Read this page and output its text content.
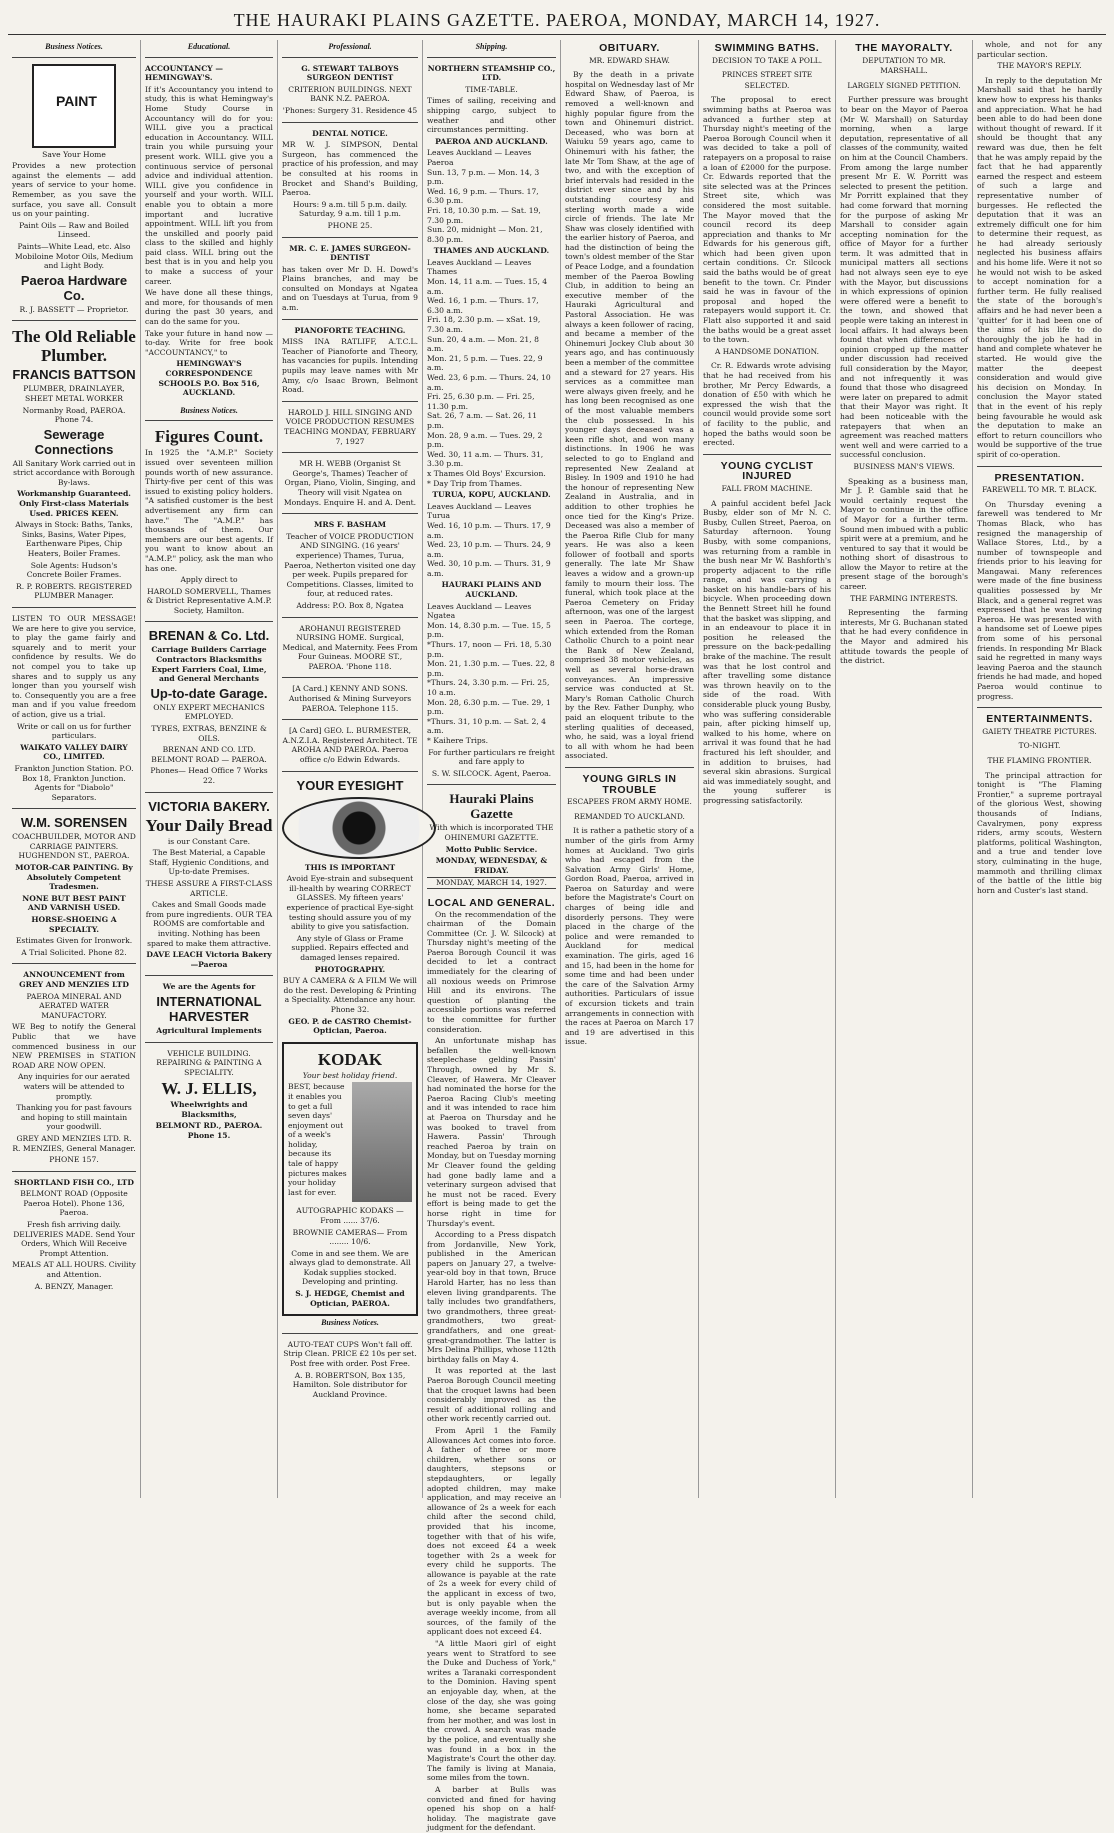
THE HAURAKI PLAINS GAZETTE. PAEROA, MONDAY, MARCH 14, 1927.
Business Notices.
PAINT

Save Your Home

Provides a new protection against the elements — add years of service to your home. Remember, as you save the surface, you save all. Consult us on your painting.

Paint Oils — Raw and Boiled Linseed.

Paints—White Lead, etc. Also Mobiloine Motor Oils, Medium and Light Body.

Paeroa Hardware Co.

R. J. BASSETT — Proprietor.

The Old Reliable Plumber.

FRANCIS BATTSON

PLUMBER, DRAINLAYER, SHEET METAL WORKER

Normanby Road, PAEROA. Phone 74.

Sewerage Connections

All Sanitary Work carried out in strict accordance with Borough By-laws.

Workmanship Guaranteed. Only First-class Materials Used. PRICES KEEN.

Always in Stock: Baths, Tanks, Sinks, Basins, Water Pipes, Earthenware Pipes, Chip Heaters, Boiler Frames.

Sole Agents: Hudson's Concrete Boiler Frames.

R. P. ROBERTS. REGISTERED PLUMBER Manager.

LISTEN TO OUR MESSAGE! We are here to give you service, to play the game fairly and squarely and to merit your confidence by results. We do not compel you to take up shares and to supply us any longer than you yourself wish to. Consequently you are a free man and if you value freedom of action, give us a trial.

Write or call on us for further particulars.

WAIKATO VALLEY DAIRY CO., LIMITED.

Frankton Junction Station. P.O. Box 18, Frankton Junction. Agents for "Diabolo" Separators.

W.M. SORENSEN

COACHBUILDER, MOTOR AND CARRIAGE PAINTERS. HUGHENDON ST., PAEROA.

MOTOR-CAR PAINTING. By Absolutely Competent Tradesmen.

NONE BUT BEST PAINT AND VARNISH USED.

HORSE-SHOEING A SPECIALTY.

Estimates Given for Ironwork.

A Trial Solicited. Phone 82.

ANNOUNCEMENT from GREY AND MENZIES LTD

PAEROA MINERAL AND AERATED WATER MANUFACTORY.

WE Beg to notify the General Public that we have commenced business in our NEW PREMISES in STATION ROAD ARE NOW OPEN.

Any inquiries for our aerated waters will be attended to promptly.

Thanking you for past favours and hoping to still maintain your goodwill.

GREY AND MENZIES LTD. R. R. MENZIES, General Manager.

PHONE 157.

SHORTLAND FISH CO., LTD

BELMONT ROAD (Opposite Paeroa Hotel). Phone 136, Paeroa.

Fresh fish arriving daily. DELIVERIES MADE. Send Your Orders, Which Will Receive Prompt Attention.

MEALS AT ALL HOURS. Civility and Attention.

A. BENZY, Manager.

Educational.

ACCOUNTANCY —HEMINGWAY'S.

If it's Accountancy you intend to study, this is what Hemingway's Home Study Course in Accountancy will do for you: WILL give you a practical education in Accountancy. WILL train you while pursuing your present work. WILL give you a continuous service of personal advice and individual attention. WILL give you confidence in yourself and your worth. WILL enable you to obtain a more important and lucrative appointment. WILL lift you from the unskilled and poorly paid class to the skilled and highly paid class. WILL bring out the best that is in you and help you to make a success of your career.

We have done all these things, and more, for thousands of men during the past 30 years, and can do the same for you.

Take your future in hand now —to-day. Write for free book "ACCOUNTANCY," to

HEMINGWAY'S CORRESPONDENCE SCHOOLS P.O. Box 516, AUCKLAND.

Business Notices.

Figures Count.

In 1925 the "A.M.P." Society issued over seventeen million pounds worth of new assurance. Thirty-five per cent of this was issued to existing policy holders. "A satisfied customer is the best advertisement any firm can have." The "A.M.P." has thousands of them. Our members are our best agents. If you want to know about an "A.M.P." policy, ask the man who has one.

Apply direct to

HAROLD SOMERVELL, Thames & District Representative A.M.P. Society, Hamilton.

BRENAN & Co. Ltd.

Carriage Builders Carriage Contractors Blacksmiths Expert Farriers Coal, Lime, and General Merchants

Up-to-date Garage.

ONLY EXPERT MECHANICS EMPLOYED.

TYRES, EXTRAS, BENZINE & OILS.

BRENAN AND CO. LTD. BELMONT ROAD — PAEROA.

Phones— Head Office 7 Works 22.

VICTORIA BAKERY.

Your Daily Bread

is our Constant Care.

The Best Material, a Capable Staff, Hygienic Conditions, and Up-to-date Premises.

THESE ASSURE A FIRST-CLASS ARTICLE.

Cakes and Small Goods made from pure ingredients. OUR TEA ROOMS are comfortable and inviting. Nothing has been spared to make them attractive.

DAVE LEACH Victoria Bakery—Paeroa

We are the Agents for

INTERNATIONAL HARVESTER

Agricultural Implements

VEHICLE BUILDING. REPAIRING & PAINTING A SPECIALITY.

W. J. ELLIS,

Wheelwrights and Blacksmiths,

BELMONT RD., PAEROA. Phone 15.

Professional.

G. STEWART TALBOYS SURGEON DENTIST

CRITERION BUILDINGS. NEXT BANK N.Z. PAEROA.

'Phones: Surgery 31. Residence 45

DENTAL NOTICE.

MR W. J. SIMPSON, Dental Surgeon, has commenced the practice of his profession, and may be consulted at his rooms in Brocket and Shand's Building, Paeroa.

Hours: 9 a.m. till 5 p.m. daily. Saturday, 9 a.m. till 1 p.m.

PHONE 25.

MR. C. E. JAMES SURGEON-DENTIST

has taken over Mr D. H. Dowd's Plains branches, and may be consulted on Mondays at Ngatea and on Tuesdays at Turua, from 9 a.m.

PIANOFORTE TEACHING.

MISS INA RATLIFF, A.T.C.L. Teacher of Pianoforte and Theory, has vacancies for pupils. Intending pupils may leave names with Mr Amy, c/o Isaac Brown, Belmont Road.

HAROLD J. HILL SINGING AND VOICE PRODUCTION RESUMES TEACHING MONDAY, FEBRUARY 7, 1927

MR H. WEBB (Organist St George's, Thames) Teacher of Organ, Piano, Violin, Singing, and Theory will visit Ngatea on Mondays. Enquire H. and A. Dent.

MRS F. BASHAM

Teacher of VOICE PRODUCTION AND SINGING. (16 years' experience) Thames, Turua, Paeroa, Netherton visited one day per week. Pupils prepared for Competitions. Classes, limited to four, at reduced rates.

Address: P.O. Box 8, Ngatea

AROHANUI REGISTERED NURSING HOME. Surgical, Medical, and Maternity. Fees From Four Guineas. MOORE ST., PAEROA. 'Phone 118.

[A Card.] KENNY AND SONS. Authorised & Mining Surveyors PAEROA. Telephone 115.

[A Card] GEO. L. BURMESTER, A.N.Z.I.A. Registered Architect. TE AROHA AND PAEROA. Paeroa office c/o Edwin Edwards.

YOUR EYESIGHT

THIS IS IMPORTANT

Avoid Eye-strain and subsequent ill-health by wearing CORRECT GLASSES. My fifteen years' experience of practical Eye-sight testing should assure you of my ability to give you satisfaction.

Any style of Glass or Frame supplied. Repairs effected and damaged lenses repaired.

PHOTOGRAPHY.

BUY A CAMERA & A FILM We will do the rest. Developing & Printing a Speciality. Attendance any hour. Phone 32.

GEO. P. de CASTRO Chemist-Optician, Paeroa.

KODAK

Your best holiday friend.

BEST, because it enables you to get a full seven days' enjoyment out of a week's holiday, because its tale of happy pictures makes your holiday last for ever.

AUTOGRAPHIC KODAKS — From ...... 37/6.

BROWNIE CAMERAS— From ........ 10/6.

Come in and see them. We are always glad to demonstrate. All Kodak supplies stocked. Developing and printing.

S. J. HEDGE, Chemist and Optician, PAEROA.

Business Notices.

AUTO-TEAT CUPS Won't fall off. Strip Clean. PRICE £2 10s per set. Post free with order. Post Free.

A. B. ROBERTSON, Box 135, Hamilton. Sole distributor for Auckland Province.

Shipping.

NORTHERN STEAMSHIP CO., LTD.

TIME-TABLE.

Times of sailing, receiving and shipping cargo, subject to weather and other circumstances permitting.

PAEROA AND AUCKLAND.

Leaves Auckland — Leaves Paeroa
Sun. 13, 7 p.m. — Mon. 14, 3 p.m.
Wed. 16, 9 p.m. — Thurs. 17, 6.30 p.m.
Fri. 18, 10.30 p.m. — Sat. 19, 7.30 p.m.
Sun. 20, midnight — Mon. 21, 8.30 p.m.

THAMES AND AUCKLAND.

Leaves Auckland — Leaves Thames
Mon. 14, 11 a.m. — Tues. 15, 4 a.m.
Wed. 16, 1 p.m. — Thurs. 17, 6.30 a.m.
Fri. 18, 2.30 p.m. — xSat. 19, 7.30 a.m.
Sun. 20, 4 a.m. — Mon. 21, 8 a.m.
Mon. 21, 5 p.m. — Tues. 22, 9 a.m.
Wed. 23, 6 p.m. — Thurs. 24, 10 a.m.
Fri. 25, 6.30 p.m. — Fri. 25, 11.30 p.m.
Sat. 26, 7 a.m. — Sat. 26, 11 p.m.
Mon. 28, 9 a.m. — Tues. 29, 2 p.m.
Wed. 30, 11 a.m. — Thurs. 31, 3.30 p.m.
x Thames Old Boys' Excursion.
* Day Trip from Thames.

TURUA, KOPU, AUCKLAND.

Leaves Auckland — Leaves Turua
Wed. 16, 10 p.m. — Thurs. 17, 9 a.m.
Wed. 23, 10 p.m. — Thurs. 24, 9 a.m.
Wed. 30, 10 p.m. — Thurs. 31, 9 a.m.

HAURAKI PLAINS AND AUCKLAND.

Leaves Auckland — Leaves Ngatea
Mon. 14, 8.30 p.m. — Tue. 15, 5 p.m.
*Thurs. 17, noon — Fri. 18, 5.30 p.m.
Mon. 21, 1.30 p.m. — Tues. 22, 8 p.m.
*Thurs. 24, 3.30 p.m. — Fri. 25, 10 a.m.
Mon. 28, 6.30 p.m. — Tue. 29, 1 p.m.
*Thurs. 31, 10 p.m. — Sat. 2, 4 a.m.
* Kaihere Trips.

For further particulars re freight and fare apply to

S. W. SILCOCK. Agent, Paeroa.

Hauraki Plains Gazette

With which is incorporated THE OHINEMURI GAZETTE.

Motto Public Service.

MONDAY, WEDNESDAY, & FRIDAY.

MONDAY, MARCH 14, 1927.

LOCAL AND GENERAL.

On the recommendation of the chairman of the Domain Committee (Cr. J. W. Silcock) at Thursday night's meeting of the Paeroa Borough Council it was decided to let a contract immediately for the clearing of all noxious weeds on Primrose Hill and its environs. The question of planting the accessible portions was referred to the committee for further consideration.

An unfortunate mishap has befallen the well-known steeplechase gelding Passin' Through, owned by Mr S. Cleaver, of Hawera. Mr Cleaver had nominated the horse for the Paeroa Racing Club's meeting and it was intended to race him at Paeroa on Thursday and he was booked to travel from Hawera. Passin' Through reached Paeroa by train on Monday, but on Tuesday morning Mr Cleaver found the gelding had gone badly lame and a veterinary surgeon advised that he must not be raced. Every effort is being made to get the horse right in time for Thursday's event.

According to a Press dispatch from Jordanville, New York, published in the American papers on January 27, a twelve-year-old boy in that town, Bruce Harold Harter, has no less than eleven living grandparents. The tally includes two grandfathers, two grandmothers, three great-grandmothers, two great-grandfathers, and one great-great-grandmother. The latter is Mrs Delina Phillips, whose 112th birthday falls on May 4.

It was reported at the last Paeroa Borough Council meeting that the croquet lawns had been considerably improved as the result of additional rolling and other work recently carried out.

From April 1 the Family Allowances Act comes into force. A father of three or more children, whether sons or daughters, stepsons or stepdaughters, or legally adopted children, may make application, and may receive an allowance of 2s a week for each child after the second child, provided that his income, together with that of his wife, does not exceed £4 a week together with 2s a week for every child he supports. The allowance is payable at the rate of 2s a week for every child of the applicant in excess of two, but is only payable when the average weekly income, from all sources, of the family of the applicant does not exceed £4.

"A little Maori girl of eight years went to Stratford to see the Duke and Duchess of York," writes a Taranaki correspondent to the Dominion. Having spent an enjoyable day, when, at the close of the day, she was going home, she became separated from her mother, and was lost in the crowd. A search was made by the police, and eventually she was found in a box in the Magistrate's Court the other day. The family is living at Manaia, some miles from the town.

A barber at Bulls was convicted and fined for having opened his shop on a half-holiday. The magistrate gave judgment for the defendant.

OBITUARY.
MR. EDWARD SHAW.

By the death in a private hospital on Wednesday last of Mr Edward Shaw, of Paeroa, is removed a well-known and highly popular figure from the town and Ohinemuri district. Deceased, who was born at Waiuku 59 years ago, came to Ohinemuri with his father, the late Mr Tom Shaw, at the age of two, and with the exception of brief intervals had resided in the district ever since and by his outstanding courtesy and sterling worth made a wide circle of friends. The late Mr Shaw was closely identified with the earlier history of Paeroa, and had the distinction of being the town's oldest member of the Star of Peace Lodge, and a foundation member of the Paeroa Bowling Club, in addition to being an executive member of the Hauraki Agricultural and Pastoral Association. He was always a keen follower of racing, and became a member of the Ohinemuri Jockey Club about 30 years ago, and has continuously been a member of the committee and a steward for 27 years. His services as a committee man were always given freely, and he has long been recognised as one of the most valuable members the club possessed. In his younger days deceased was a keen rifle shot, and won many distinctions. In 1906 he was selected to go to England and represented New Zealand at Bisley. In 1909 and 1910 he had the honour of representing New Zealand in Australia, and in addition to other trophies he once tied for the King's Prize. Deceased was also a member of the Paeroa Rifle Club for many years. He was also a keen follower of football and sports generally. The late Mr Shaw leaves a widow and a grown-up family to mourn their loss. The funeral, which took place at the Paeroa Cemetery on Friday afternoon, was one of the largest seen in Paeroa. The cortege, which extended from the Roman Catholic Church to a point near the Bank of New Zealand, comprised 38 motor vehicles, as well as several horse-drawn conveyances. An impressive service was conducted at St. Mary's Roman Catholic Church by the Rev. Father Dunphy, who paid an eloquent tribute to the sterling qualities of deceased, who, he said, was a loyal friend to all with whom he had been associated.

YOUNG GIRLS IN TROUBLE
ESCAPEES FROM ARMY HOME.
REMANDED TO AUCKLAND.

It is rather a pathetic story of a number of the girls from Army homes at Auckland. Two girls who had escaped from the Salvation Army Girls' Home, Gordon Road, Paeroa, arrived in Paeroa on Saturday and were before the Magistrate's Court on charges of being idle and disorderly persons. They were placed in the charge of the police and were remanded to Auckland for medical examination. The girls, aged 16 and 15, had been in the home for some time and had been under the care of the Salvation Army authorities. Particulars of issue of excursion tickets and train arrangements in connection with the races at Paeroa on March 17 and 19 are advertised in this issue.

SWIMMING BATHS.
DECISION TO TAKE A POLL.
PRINCES STREET SITE SELECTED.

The proposal to erect swimming baths at Paeroa was advanced a further step at Thursday night's meeting of the Paeroa Borough Council when it was decided to take a poll of ratepayers on a proposal to raise a loan of £2000 for the purpose. Cr. Edwards reported that the site selected was at the Princes Street site, which was considered the most suitable. The Mayor moved that the council record its deep appreciation and thanks to Mr Edwards for his generous gift, which had been given upon certain conditions. Cr. Silcock said the baths would be of great benefit to the town. Cr. Pinder said he was in favour of the proposal and hoped the ratepayers would support it. Cr. Flatt also supported it and said the baths would be a great asset to the town.

A HANDSOME DONATION.

Cr. R. Edwards wrote advising that he had received from his brother, Mr Percy Edwards, a donation of £50 with which he expressed the wish that the council would provide some sort of facility to the public, and hoped the baths would soon be erected.

YOUNG CYCLIST INJURED
FALL FROM MACHINE.

A painful accident befel Jack Busby, elder son of Mr N. C. Busby, Cullen Street, Paeroa, on Saturday afternoon. Young Busby, with some companions, was returning from a ramble in the bush near Mr W. Bashforth's property adjacent to the rifle range, and was carrying a basket on his handle-bars of his bicycle. When proceeding down the Bennett Street hill he found that the basket was slipping, and in an endeavour to place it in position he released the pressure on the back-pedalling brake of the machine. The result was that he lost control and after travelling some distance was thrown heavily on to the side of the road. With considerable pluck young Busby, who was suffering considerable pain, after picking himself up, walked to his home, where on arrival it was found that he had fractured his left shoulder, and in addition to bruises, had several skin abrasions. Surgical aid was immediately sought, and the young sufferer is progressing satisfactorily.

THE MAYORALTY.
DEPUTATION TO MR. MARSHALL.
LARGELY SIGNED PETITION.

Further pressure was brought to bear on the Mayor of Paeroa (Mr W. Marshall) on Saturday morning, when a large deputation, representative of all classes of the community, waited on him at the Council Chambers. From among the large number present Mr E. W. Porritt was selected to present the petition. Mr Porritt explained that they had come forward that morning for the purpose of asking Mr Marshall to consider again accepting nomination for the office of Mayor for a further term. It was admitted that in municipal matters all sections had not always seen eye to eye with the Mayor, but discussions in which expressions of opinion were offered were a benefit to the town, and showed that people were taking an interest in local affairs. It had always been found that when differences of opinion cropped up the matter under discussion had received full consideration by the Mayor, and not infrequently it was found that those who disagreed were later on prepared to admit that their Mayor was right. It had been noticeable with the ratepayers that when an agreement was reached matters went well and were carried to a successful conclusion.

BUSINESS MAN'S VIEWS.

Speaking as a business man, Mr J. P. Gamble said that he would certainly request the Mayor to continue in the office of Mayor for a further term. Sound men imbued with a public spirit were at a premium, and he ventured to say that it would be nothing short of disastrous to allow the Mayor to retire at the present stage of the borough's career.

THE FARMING INTERESTS.

Representing the farming interests, Mr G. Buchanan stated that he had every confidence in the Mayor and admired his attitude towards the people of the district.

whole, and not for any particular section.

THE MAYOR'S REPLY.

In reply to the deputation Mr Marshall said that he hardly knew how to express his thanks and appreciation. What he had been able to do had been done without thought of reward. If it should be thought that any reward was due, then he felt that he was amply repaid by the fact that he had apparently earned the respect and esteem of such a large and representative number of burgesses. He reflected the deputation that it was an extremely difficult one for him to determine their request, as he had already seriously neglected his business affairs and his home life. Were it not so he would not wish to be asked to accept nomination for a further term. He fully realised the state of the borough's affairs and he had never been a 'quitter' for it had been one of the aims of his life to do thoroughly the job he had in hand and complete whatever he started. He would give the matter the deepest consideration and would give his decision on Monday. In conclusion the Mayor stated that in the event of his reply being favourable he would ask the deputation to make an effort to return councillors who would be supportive of the true spirit of co-operation.

PRESENTATION.
FAREWELL TO MR. T. BLACK.

On Thursday evening a farewell was tendered to Mr Thomas Black, who has resigned the managership of Wallace Stores, Ltd., by a number of townspeople and friends prior to his leaving for Mangawai. Many references were made of the fine business qualities possessed by Mr Black, and a general regret was expressed that he was leaving Paeroa. He was presented with a handsome set of Loewe pipes from some of his personal friends. In responding Mr Black said he regretted in many ways leaving Paeroa and the staunch friends he had made, and hoped Paeroa would continue to progress.

ENTERTAINMENTS.
GAIETY THEATRE PICTURES.
TO-NIGHT.
THE FLAMING FRONTIER.

The principal attraction for tonight is "The Flaming Frontier," a supreme portrayal of the glorious West, showing thousands of Indians, Cavalrymen, pony express riders, army scouts, Western platforms, political Washington, and a true and tender love story, culminating in the huge, mammoth and thrilling climax of the battle of the little big horn and Custer's last stand.
